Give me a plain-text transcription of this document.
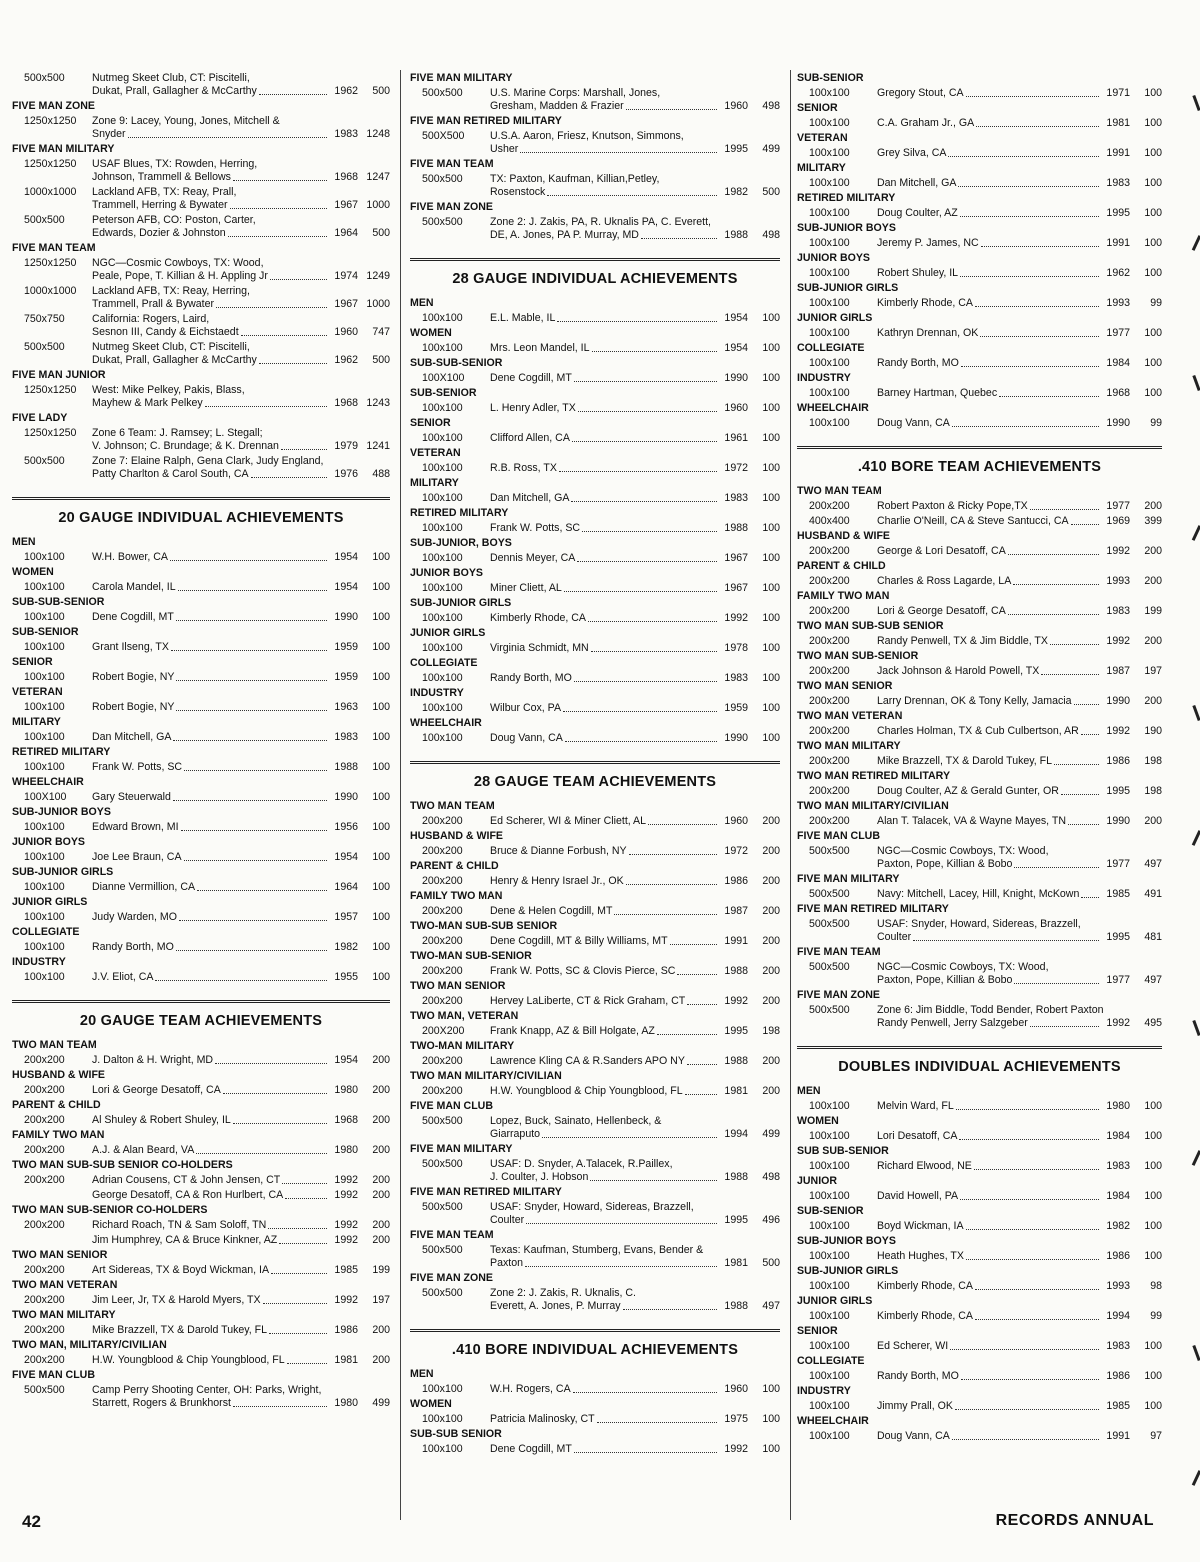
500x500	Nutmeg Skeet Club, CT: Piscitelli,
Dukat, Prall, Gallagher & McCarthy	1962	500
FIVE MAN ZONE
1250x1250	Zone 9: Lacey, Young, Jones, Mitchell &
Snyder	1983 1248
FIVE MAN MILITARY
1250x1250	USAF Blues, TX: Rowden, Herring,
Johnson, Trammell & Bellows	1968 1247
1000x1000	Lackland AFB, TX: Reay, Prall,
Trammell, Herring & Bywater	1967 1000
500x500	Peterson AFB, CO: Poston, Carter,
Edwards, Dozier & Johnston	1964	500
FIVE MAN TEAM
1250x1250	NGC—Cosmic Cowboys, TX: Wood,
Peale, Pope, T. Killian & H. Appling Jr	1974 1249
1000x1000	Lackland AFB, TX: Reay, Herring,
Trammell, Prall & Bywater	1967 1000
750x750	California: Rogers, Laird,
Sesnon III, Candy & Eichstaedt	1960	747
500x500	Nutmeg Skeet Club, CT: Piscitelli,
Dukat, Prall, Gallagher & McCarthy	1962	500
FIVE MAN JUNIOR
1250x1250	West: Mike Pelkey, Pakis, Blass,
Mayhew & Mark Pelkey	1968 1243
FIVE LADY
1250x1250	Zone 6 Team: J. Ramsey; L. Stegall;
V. Johnson; C. Brundage; & K. Drennan	1979 1241
500x500	Zone 7: Elaine Ralph, Gena Clark, Judy England,
Patty Charlton & Carol South, CA	1976	488
20 GAUGE INDIVIDUAL ACHIEVEMENTS
MEN
100x100	W.H. Bower, CA	1954	100
WOMEN
100x100	Carola Mandel, IL	1954	100
SUB-SUB-SENIOR
100x100	Dene Cogdill, MT	1990	100
SUB-SENIOR
100x100	Grant Ilseng, TX	1959	100
SENIOR
100x100	Robert Bogie, NY	1959	100
VETERAN
100x100	Robert Bogie, NY	1963	100
MILITARY
100x100	Dan Mitchell, GA	1983	100
RETIRED MILITARY
100x100	Frank W. Potts, SC	1988	100
WHEELCHAIR
100X100	Gary Steuerwald	1990	100
SUB-JUNIOR BOYS
100x100	Edward Brown, MI	1956	100
JUNIOR BOYS
100x100	Joe Lee Braun, CA	1954	100
SUB-JUNIOR GIRLS
100x100	Dianne Vermillion, CA	1964	100
JUNIOR GIRLS
100x100	Judy Warden, MO	1957	100
COLLEGIATE
100x100	Randy Borth, MO	1982	100
INDUSTRY
100x100	J.V. Eliot, CA	1955	100
20 GAUGE TEAM ACHIEVEMENTS
TWO MAN TEAM
200x200	J. Dalton & H. Wright, MD	1954	200
HUSBAND & WIFE
200x200	Lori & George Desatoff, CA	1980	200
PARENT & CHILD
200x200	Al Shuley & Robert Shuley, IL	1968	200
FAMILY TWO MAN
200x200	A.J. & Alan Beard, VA	1980	200
TWO MAN SUB-SUB SENIOR CO-HOLDERS
200x200	Adrian Cousens, CT & John Jensen, CT	1992	200
George Desatoff, CA & Ron Hurlbert, CA	1992	200
TWO MAN SUB-SENIOR CO-HOLDERS
200x200	Richard Roach, TN & Sam Soloff, TN	1992	200
Jim Humphrey, CA & Bruce Kinkner, AZ	1992	200
TWO MAN SENIOR
200x200	Art Sidereas, TX & Boyd Wickman, IA	1985	199
TWO MAN VETERAN
200x200	Jim Leer, Jr, TX & Harold Myers, TX	1992	197
TWO MAN MILITARY
200x200	Mike Brazzell, TX & Darold Tukey, FL	1986	200
TWO MAN, MILITARY/CIVILIAN
200x200	H.W. Youngblood & Chip Youngblood, FL	1981	200
FIVE MAN CLUB
500x500	Camp Perry Shooting Center, OH: Parks, Wright,
Starrett, Rogers & Brunkhorst	1980	499
FIVE MAN MILITARY
500x500	U.S. Marine Corps: Marshall, Jones,
Gresham, Madden & Frazier	1960	498
FIVE MAN RETIRED MILITARY
500X500	U.S.A. Aaron, Friesz, Knutson, Simmons,
Usher	1995	499
FIVE MAN TEAM
500x500	TX: Paxton, Kaufman, Killian,Petley,
Rosenstock	1982	500
FIVE MAN ZONE
500x500	Zone 2: J. Zakis, PA, R. Uknalis PA, C. Everett,
DE, A. Jones, PA P. Murray, MD	1988	498
28 GAUGE INDIVIDUAL ACHIEVEMENTS
MEN
100x100	E.L. Mable, IL	1954	100
WOMEN
100x100	Mrs. Leon Mandel, IL	1954	100
SUB-SUB-SENIOR
100X100	Dene Cogdill, MT	1990	100
SUB-SENIOR
100x100	L. Henry Adler, TX	1960	100
SENIOR
100x100	Clifford Allen, CA	1961	100
VETERAN
100x100	R.B. Ross, TX	1972	100
MILITARY
100x100	Dan Mitchell, GA	1983	100
RETIRED MILITARY
100x100	Frank W. Potts, SC	1988	100
SUB-JUNIOR, BOYS
100x100	Dennis Meyer, CA	1967	100
JUNIOR BOYS
100x100	Miner Cliett, AL	1967	100
SUB-JUNIOR GIRLS
100x100	Kimberly Rhode, CA	1992	100
JUNIOR GIRLS
100x100	Virginia Schmidt, MN	1978	100
COLLEGIATE
100x100	Randy Borth, MO	1983	100
INDUSTRY
100x100	Wilbur Cox, PA	1959	100
WHEELCHAIR
100x100	Doug Vann, CA	1990	100
28 GAUGE TEAM ACHIEVEMENTS
TWO MAN TEAM
200x200	Ed Scherer, WI & Miner Cliett, AL	1960	200
HUSBAND & WIFE
200x200	Bruce & Dianne Forbush, NY	1972	200
PARENT & CHILD
200x200	Henry & Henry Israel Jr., OK	1986	200
FAMILY TWO MAN
200x200	Dene & Helen Cogdill, MT	1987	200
TWO-MAN SUB-SUB SENIOR
200x200	Dene Cogdill, MT & Billy Williams, MT	1991	200
TWO-MAN SUB-SENIOR
200x200	Frank W. Potts, SC & Clovis Pierce, SC	1988	200
TWO MAN SENIOR
200x200	Hervey LaLiberte, CT & Rick Graham, CT	1992	200
TWO MAN, VETERAN
200X200	Frank Knapp, AZ & Bill Holgate, AZ	1995	198
TWO-MAN MILITARY
200x200	Lawrence Kling CA & R.Sanders APO NY	1988	200
TWO MAN MILITARY/CIVILIAN
200x200	H.W. Youngblood & Chip Youngblood, FL	1981	200
FIVE MAN CLUB
500x500	Lopez, Buck, Sainato, Hellenbeck, &
Giarraputo	1994	499
FIVE MAN MILITARY
500x500	USAF: D. Snyder, A.Talacek, R.Paillex,
J. Coulter, J. Hobson	1988	498
FIVE MAN RETIRED MILITARY
500x500	USAF: Snyder, Howard, Sidereas, Brazzell,
Coulter	1995	496
FIVE MAN TEAM
500x500	Texas: Kaufman, Stumberg, Evans, Bender &
Paxton	1981	500
FIVE MAN ZONE
500x500	Zone 2: J. Zakis, R. Uknalis, C.
Everett, A. Jones, P. Murray	1988	497
.410 BORE INDIVIDUAL ACHIEVEMENTS
MEN
100x100	W.H. Rogers, CA	1960	100
WOMEN
100x100	Patricia Malinosky, CT	1975	100
SUB-SUB SENIOR
100x100	Dene Cogdill, MT	1992	100
SUB-SENIOR
100x100	Gregory Stout, CA	1971	100
SENIOR
100x100	C.A. Graham Jr., GA	1981	100
VETERAN
100x100	Grey Silva, CA	1991	100
MILITARY
100x100	Dan Mitchell, GA	1983	100
RETIRED MILITARY
100x100	Doug Coulter, AZ	1995	100
SUB-JUNIOR BOYS
100x100	Jeremy P. James, NC	1991	100
JUNIOR BOYS
100x100	Robert Shuley, IL	1962	100
SUB-JUNIOR GIRLS
100x100	Kimberly Rhode, CA	1993	99
JUNIOR GIRLS
100x100	Kathryn Drennan, OK	1977	100
COLLEGIATE
100x100	Randy Borth, MO	1984	100
INDUSTRY
100x100	Barney Hartman, Quebec	1968	100
WHEELCHAIR
100x100	Doug Vann, CA	1990	99
.410 BORE TEAM ACHIEVEMENTS
TWO MAN TEAM
200x200	Robert Paxton & Ricky Pope,TX	1977	200
400x400	Charlie O'Neill, CA & Steve Santucci, CA	1969	399
HUSBAND & WIFE
200x200	George & Lori Desatoff, CA	1992	200
PARENT & CHILD
200x200	Charles & Ross Lagarde, LA	1993	200
FAMILY TWO MAN
200x200	Lori & George Desatoff, CA	1983	199
TWO MAN SUB-SUB SENIOR
200x200	Randy Penwell, TX & Jim Biddle, TX	1992	200
TWO MAN SUB-SENIOR
200x200	Jack Johnson & Harold Powell, TX	1987	197
TWO MAN SENIOR
200x200	Larry Drennan, OK & Tony Kelly, Jamacia	1990	200
TWO MAN VETERAN
200x200	Charles Holman, TX & Cub Culbertson, AR	1992	190
TWO MAN MILITARY
200x200	Mike Brazzell, TX & Darold Tukey, FL	1986	198
TWO MAN RETIRED MILITARY
200x200	Doug Coulter, AZ & Gerald Gunter, OR	1995	198
TWO MAN MILITARY/CIVILIAN
200x200	Alan T. Talacek, VA & Wayne Mayes, TN	1990	200
FIVE MAN CLUB
500x500	NGC—Cosmic Cowboys, TX: Wood,
Paxton, Pope, Killian & Bobo	1977	497
FIVE MAN MILITARY
500x500	Navy: Mitchell, Lacey, Hill, Knight, McKown	1985	491
FIVE MAN RETIRED MILITARY
500x500	USAF: Snyder, Howard, Sidereas, Brazzell,
Coulter	1995	481
FIVE MAN TEAM
500x500	NGC—Cosmic Cowboys, TX: Wood,
Paxton, Pope, Killian & Bobo	1977	497
FIVE MAN ZONE
500x500	Zone 6: Jim Biddle, Todd Bender, Robert Paxton
Randy Penwell, Jerry Salzgeber	1992	495
DOUBLES INDIVIDUAL ACHIEVEMENTS
MEN
100x100	Melvin Ward, FL	1980	100
WOMEN
100x100	Lori Desatoff, CA	1984	100
SUB SUB-SENIOR
100x100	Richard Elwood, NE	1983	100
JUNIOR
100x100	David Howell, PA	1984	100
SUB-SENIOR
100x100	Boyd Wickman, IA	1982	100
SUB-JUNIOR BOYS
100x100	Heath Hughes, TX	1986	100
SUB-JUNIOR GIRLS
100x100	Kimberly Rhode, CA	1993	98
JUNIOR GIRLS
100x100	Kimberly Rhode, CA	1994	99
SENIOR
100x100	Ed Scherer, WI	1983	100
COLLEGIATE
100x100	Randy Borth, MO	1986	100
INDUSTRY
100x100	Jimmy Prall, OK	1985	100
WHEELCHAIR
100x100	Doug Vann, CA	1991	97
42	RECORDS ANNUAL
